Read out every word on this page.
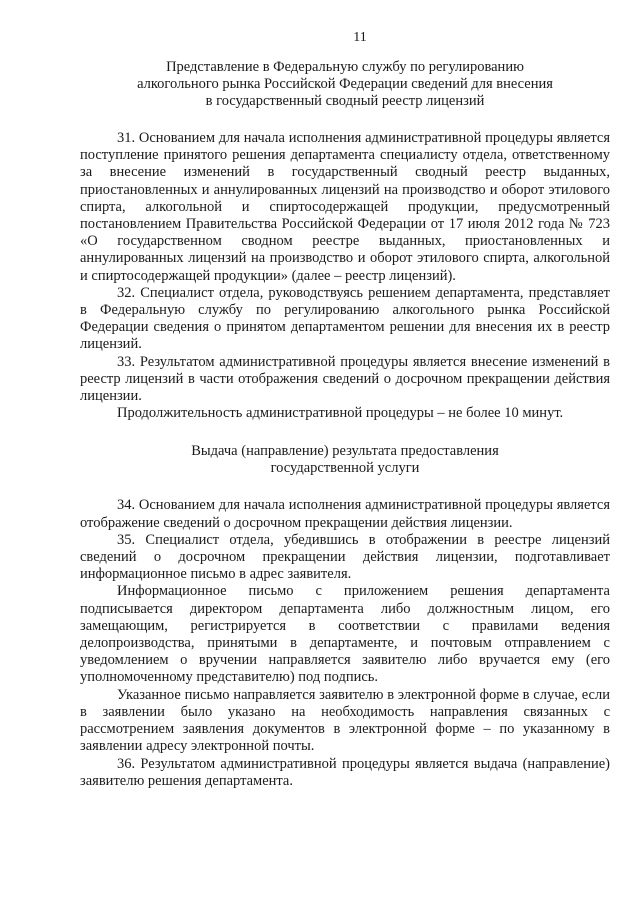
11
Представление в Федеральную службу по регулированию
алкогольного рынка Российской Федерации сведений для внесения
в государственный сводный реестр лицензий

31. Основанием для начала исполнения административной процедуры является поступление принятого решения департамента специалисту отдела, ответственному за внесение изменений в государственный сводный реестр выданных, приостановленных и аннулированных лицензий на производство и оборот этилового спирта, алкогольной и спиртосодержащей продукции, предусмотренный постановлением Правительства Российской Федерации от 17 июля 2012 года № 723 «О государственном сводном реестре выданных, приостановленных и аннулированных лицензий на производство и оборот этилового спирта, алкогольной и спиртосодержащей продукции» (далее – реестр лицензий).

32. Специалист отдела, руководствуясь решением департамента, представляет в Федеральную службу по регулированию алкогольного рынка Российской Федерации сведения о принятом департаментом решении для внесения их в реестр лицензий.

33. Результатом административной процедуры является внесение изменений в реестр лицензий в части отображения сведений о досрочном прекращении действия лицензии.

Продолжительность административной процедуры – не более 10 минут.

Выдача (направление) результата предоставления
государственной услуги

34. Основанием для начала исполнения административной процедуры является отображение сведений о досрочном прекращении действия лицензии.

35. Специалист отдела, убедившись в отображении в реестре лицензий сведений о досрочном прекращении действия лицензии, подготавливает информационное письмо в адрес заявителя.

Информационное письмо с приложением решения департамента подписывается директором департамента либо должностным лицом, его замещающим, регистрируется в соответствии с правилами ведения делопроизводства, принятыми в департаменте, и почтовым отправлением с уведомлением о вручении направляется заявителю либо вручается ему (его уполномоченному представителю) под подпись.

Указанное письмо направляется заявителю в электронной форме в случае, если в заявлении было указано на необходимость направления связанных с рассмотрением заявления документов в электронной форме – по указанному в заявлении адресу электронной почты.

36. Результатом административной процедуры является выдача (направление) заявителю решения департамента.
